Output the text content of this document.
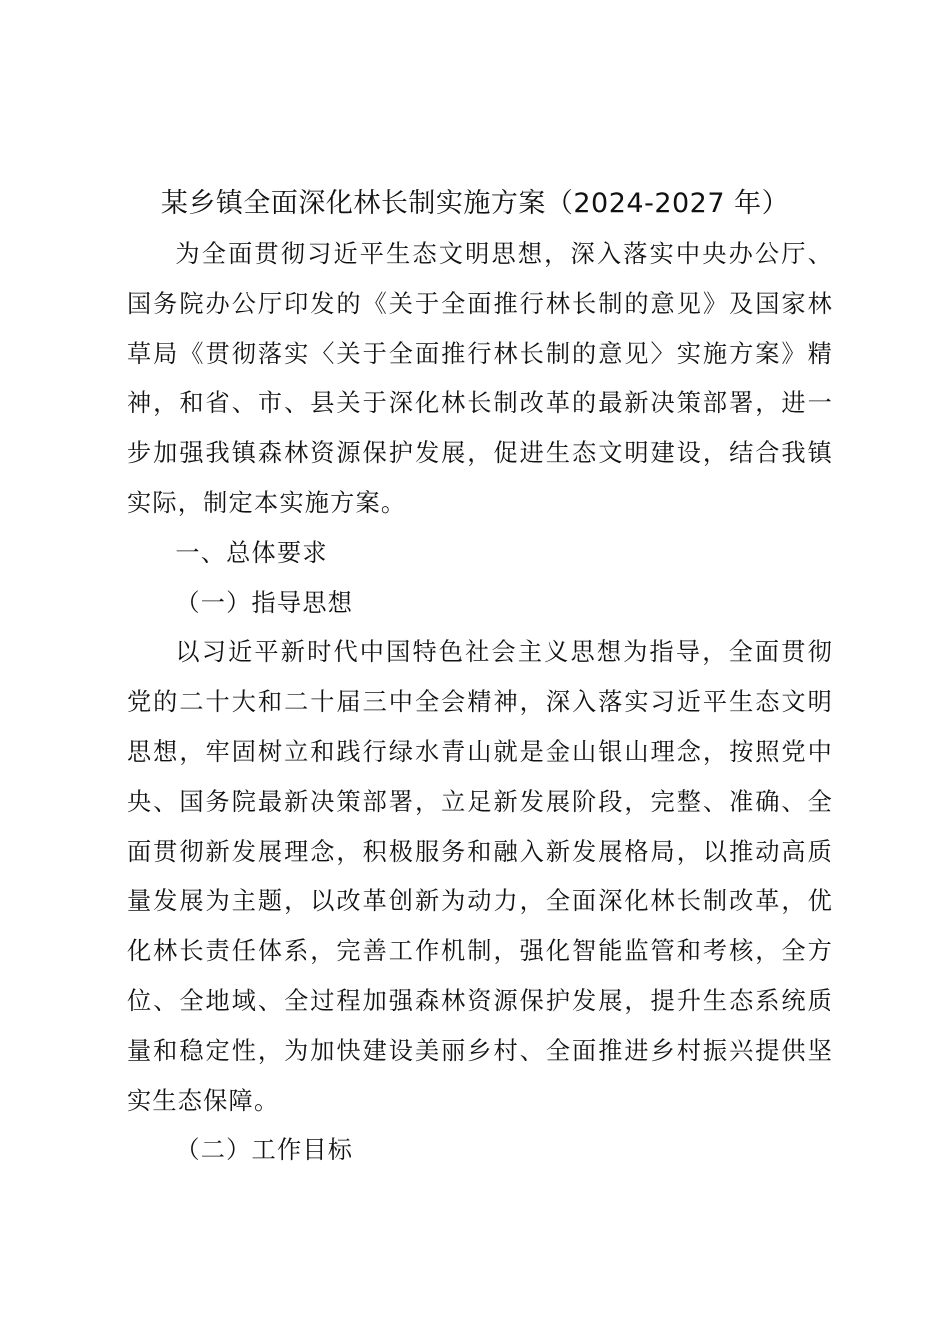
某乡镇全面深化林长制实施方案（2024-2027 年）

为全面贯彻习近平生态文明思想，深入落实中央办公厅、国务院办公厅印发的《关于全面推行林长制的意见》及国家林草局《贯彻落实〈关于全面推行林长制的意见〉实施方案》精神，和省、市、县关于深化林长制改革的最新决策部署，进一步加强我镇森林资源保护发展，促进生态文明建设，结合我镇实际，制定本实施方案。

一、总体要求

（一）指导思想

以习近平新时代中国特色社会主义思想为指导，全面贯彻党的二十大和二十届三中全会精神，深入落实习近平生态文明思想，牢固树立和践行绿水青山就是金山银山理念，按照党中央、国务院最新决策部署，立足新发展阶段，完整、准确、全面贯彻新发展理念，积极服务和融入新发展格局，以推动高质量发展为主题，以改革创新为动力，全面深化林长制改革，优化林长责任体系，完善工作机制，强化智能监管和考核，全方位、全地域、全过程加强森林资源保护发展，提升生态系统质量和稳定性，为加快建设美丽乡村、全面推进乡村振兴提供坚实生态保障。

（二）工作目标
